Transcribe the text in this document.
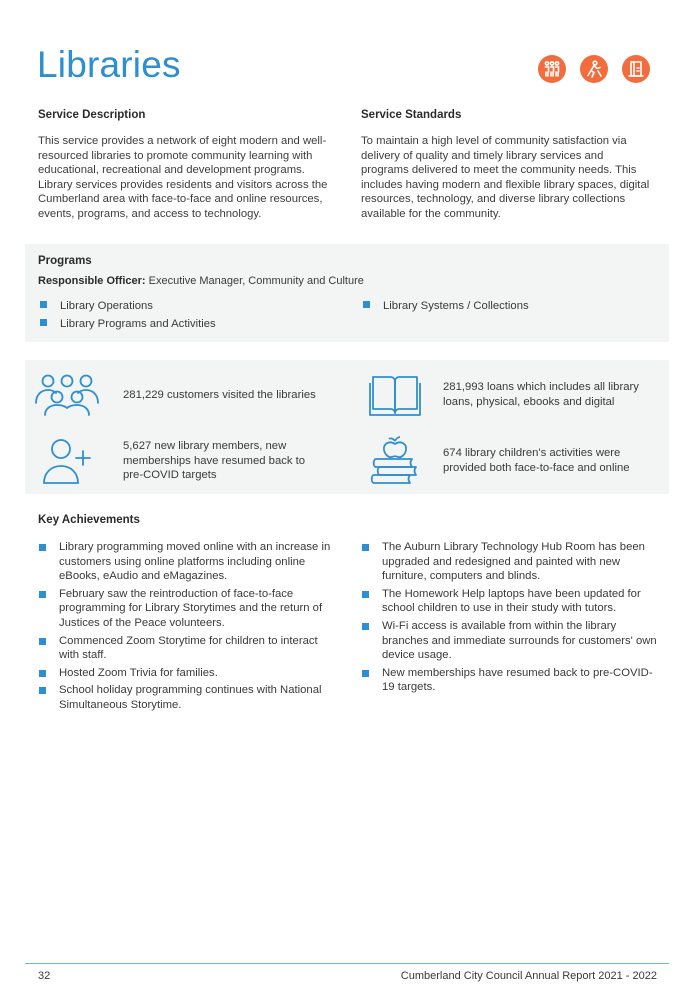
Libraries
Service Description

This service provides a network of eight modern and well-resourced libraries to promote community learning with educational, recreational and development programs. Library services provides residents and visitors across the Cumberland area with face-to-face and online resources, events, programs, and access to technology.

Service Standards

To maintain a high level of community satisfaction via delivery of quality and timely library services and programs delivered to meet the community needs. This includes having modern and flexible library spaces, digital resources, technology, and diverse library collections available for the community.

Programs
Responsible Officer: Executive Manager, Community and Culture
Library Operations
Library Programs and Activities
Library Systems / Collections
281,229 customers visited the libraries
281,993 loans which includes all library loans, physical, ebooks and digital
5,627 new library members, new memberships have resumed back to pre-COVID targets
674 library children's activities were provided both face-to-face and online
Key Achievements
Library programming moved online with an increase in customers using online platforms including online eBooks, eAudio and eMagazines.
February saw the reintroduction of face-to-face programming for Library Storytimes and the return of Justices of the Peace volunteers.
Commenced Zoom Storytime for children to interact with staff.
Hosted Zoom Trivia for families.
School holiday programming continues with National Simultaneous Storytime.
The Auburn Library Technology Hub Room has been upgraded and redesigned and painted with new furniture, computers and blinds.
The Homework Help laptops have been updated for school children to use in their study with tutors.
Wi-Fi access is available from within the library branches and immediate surrounds for customers' own device usage.
New memberships have resumed back to pre-COVID-19 targets.
32	Cumberland City Council Annual Report 2021 - 2022
